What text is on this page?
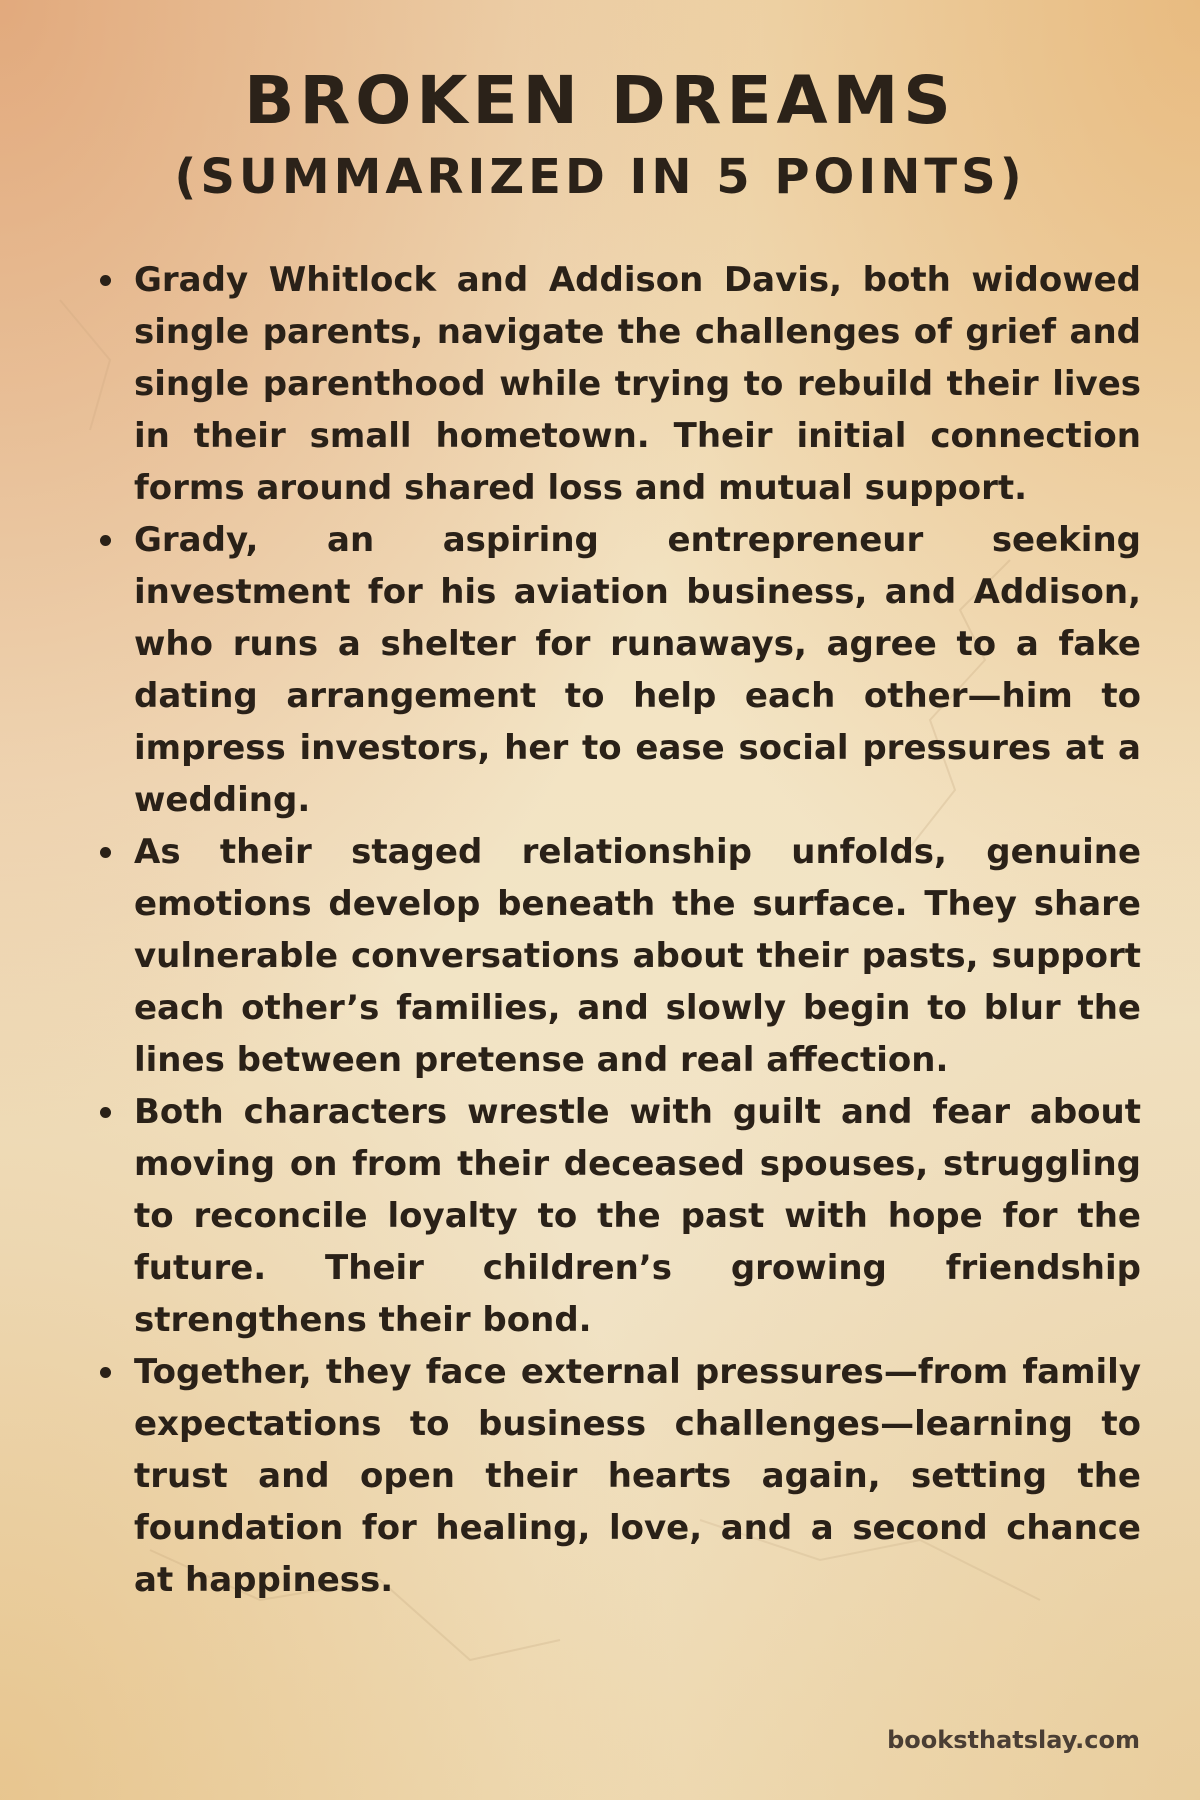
BROKEN DREAMS
(SUMMARIZED IN 5 POINTS)
Grady Whitlock and Addison Davis, both widowed single parents, navigate the challenges of grief and single parenthood while trying to rebuild their lives in their small hometown. Their initial connection forms around shared loss and mutual support.
Grady, an aspiring entrepreneur seeking investment for his aviation business, and Addison, who runs a shelter for runaways, agree to a fake dating arrangement to help each other—him to impress investors, her to ease social pressures at a wedding.
As their staged relationship unfolds, genuine emotions develop beneath the surface. They share vulnerable conversations about their pasts, support each other’s families, and slowly begin to blur the lines between pretense and real affection.
Both characters wrestle with guilt and fear about moving on from their deceased spouses, struggling to reconcile loyalty to the past with hope for the future. Their children’s growing friendship strengthens their bond.
Together, they face external pressures—from family expectations to business challenges—learning to trust and open their hearts again, setting the foundation for healing, love, and a second chance at happiness.
booksthatslay.com
